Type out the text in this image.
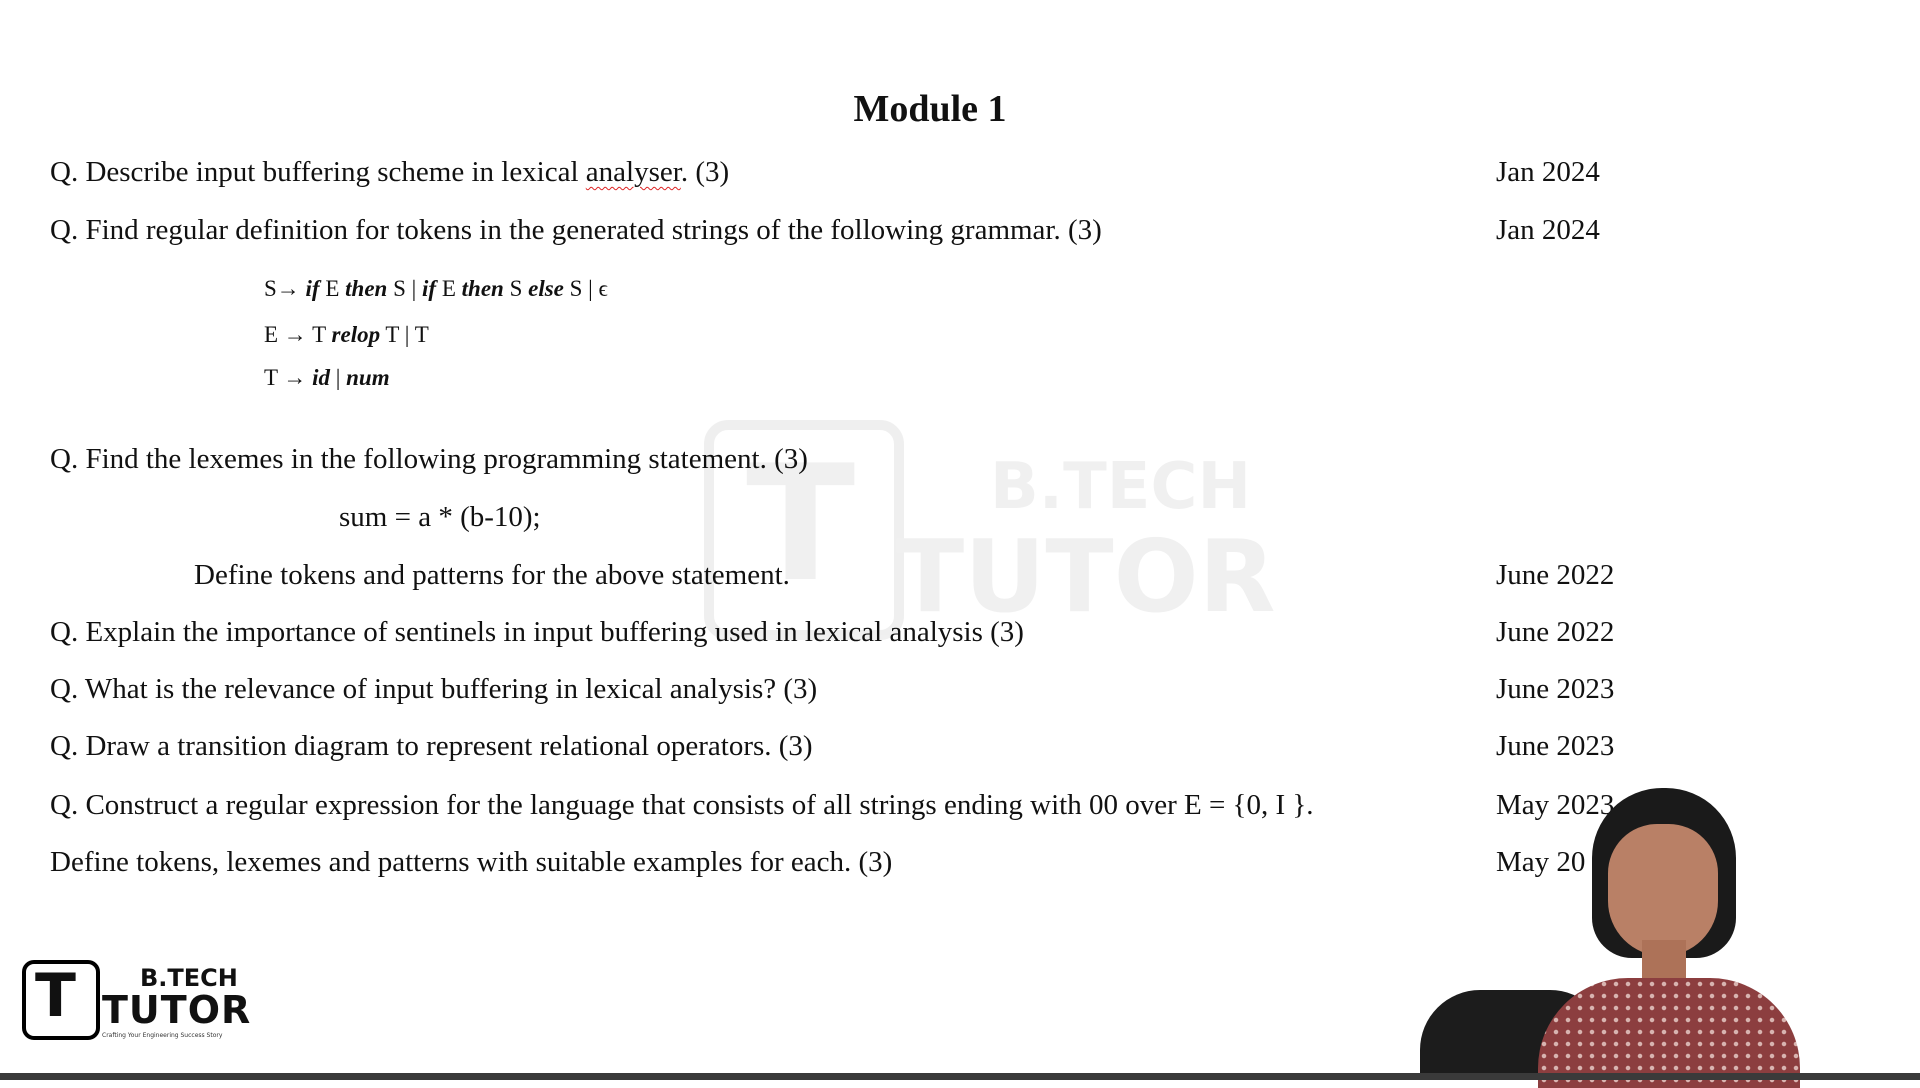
Module 1
Q. Describe input buffering scheme in lexical analyser. (3)	Jan 2024
Q. Find regular definition for tokens in the generated strings of the following grammar. (3)	Jan 2024
S→ if E then S | if E then S else S | ϵ
E → T relop T | T
T → id | num
Q. Find the lexemes in the following programming statement. (3)
sum = a * (b-10);
Define tokens and patterns for the above statement.	June 2022
Q. Explain the importance of sentinels in input buffering used in lexical analysis (3)	June 2022
Q. What is the relevance of input buffering in lexical analysis? (3)	June 2023
Q. Draw a transition diagram to represent relational operators. (3)	June 2023
Q. Construct a regular expression for the language that consists of all strings ending with 00 over E = {0, I }.	May 2023
Define tokens, lexemes and patterns with suitable examples for each. (3)	May 20
T B.TECH
TUTOR
T	B.TECH
TUTOR
Crafting Your Engineering Success Story
